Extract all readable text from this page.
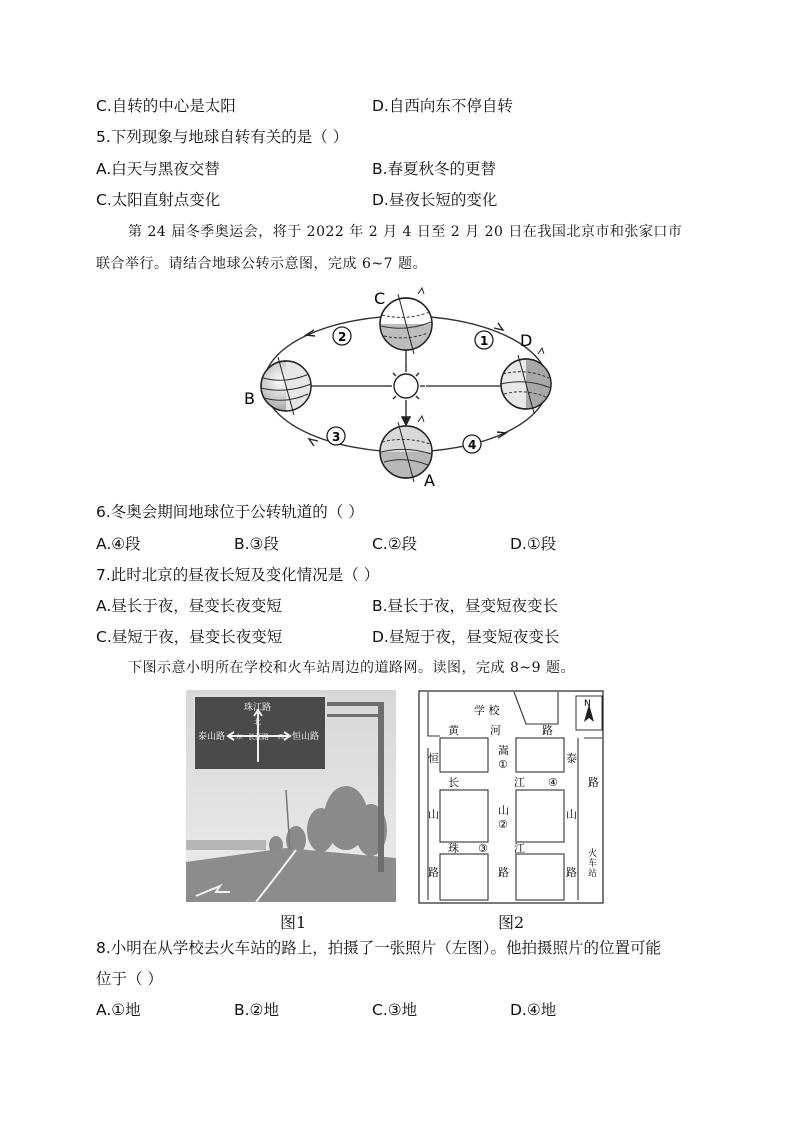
C.自转的中心是太阳	D.自西向东不停自转
5.下列现象与地球自转有关的是（ ）
A.白天与黑夜交替	B.春夏秋冬的更替
C.太阳直射点变化	D.昼夜长短的变化
第 24 届冬季奥运会，将于 2022 年 2 月 4 日至 2 月 20 日在我国北京市和张家口市
联合举行。请结合地球公转示意图，完成 6~7 题。
C
A
B
D
1
2
3
4
6.冬奥会期间地球位于公转轨道的（ ）
A.④段	B.③段	C.②段	D.①段
7.此时北京的昼夜长短及变化情况是（ ）
A.昼长于夜，昼变长夜变短	B.昼长于夜，昼变短夜变长
C.昼短于夜，昼变长夜变短	D.昼短于夜，昼变短夜变长
下图示意小明所在学校和火车站周边的道路网。读图，完成 8~9 题。
珠江路
北
泰山路	恒山路
长江路
东	西
N
学 校
黄	河	路
恒
山
路
嵩
①
山
②
路
泰
山
路
长	江 ④	路
珠 ③ 江	火
车
站
图1	图2
8.小明在从学校去火车站的路上，拍摄了一张照片（左图）。他拍摄照片的位置可能
位于（ ）
A.①地	B.②地	C.③地	D.④地
